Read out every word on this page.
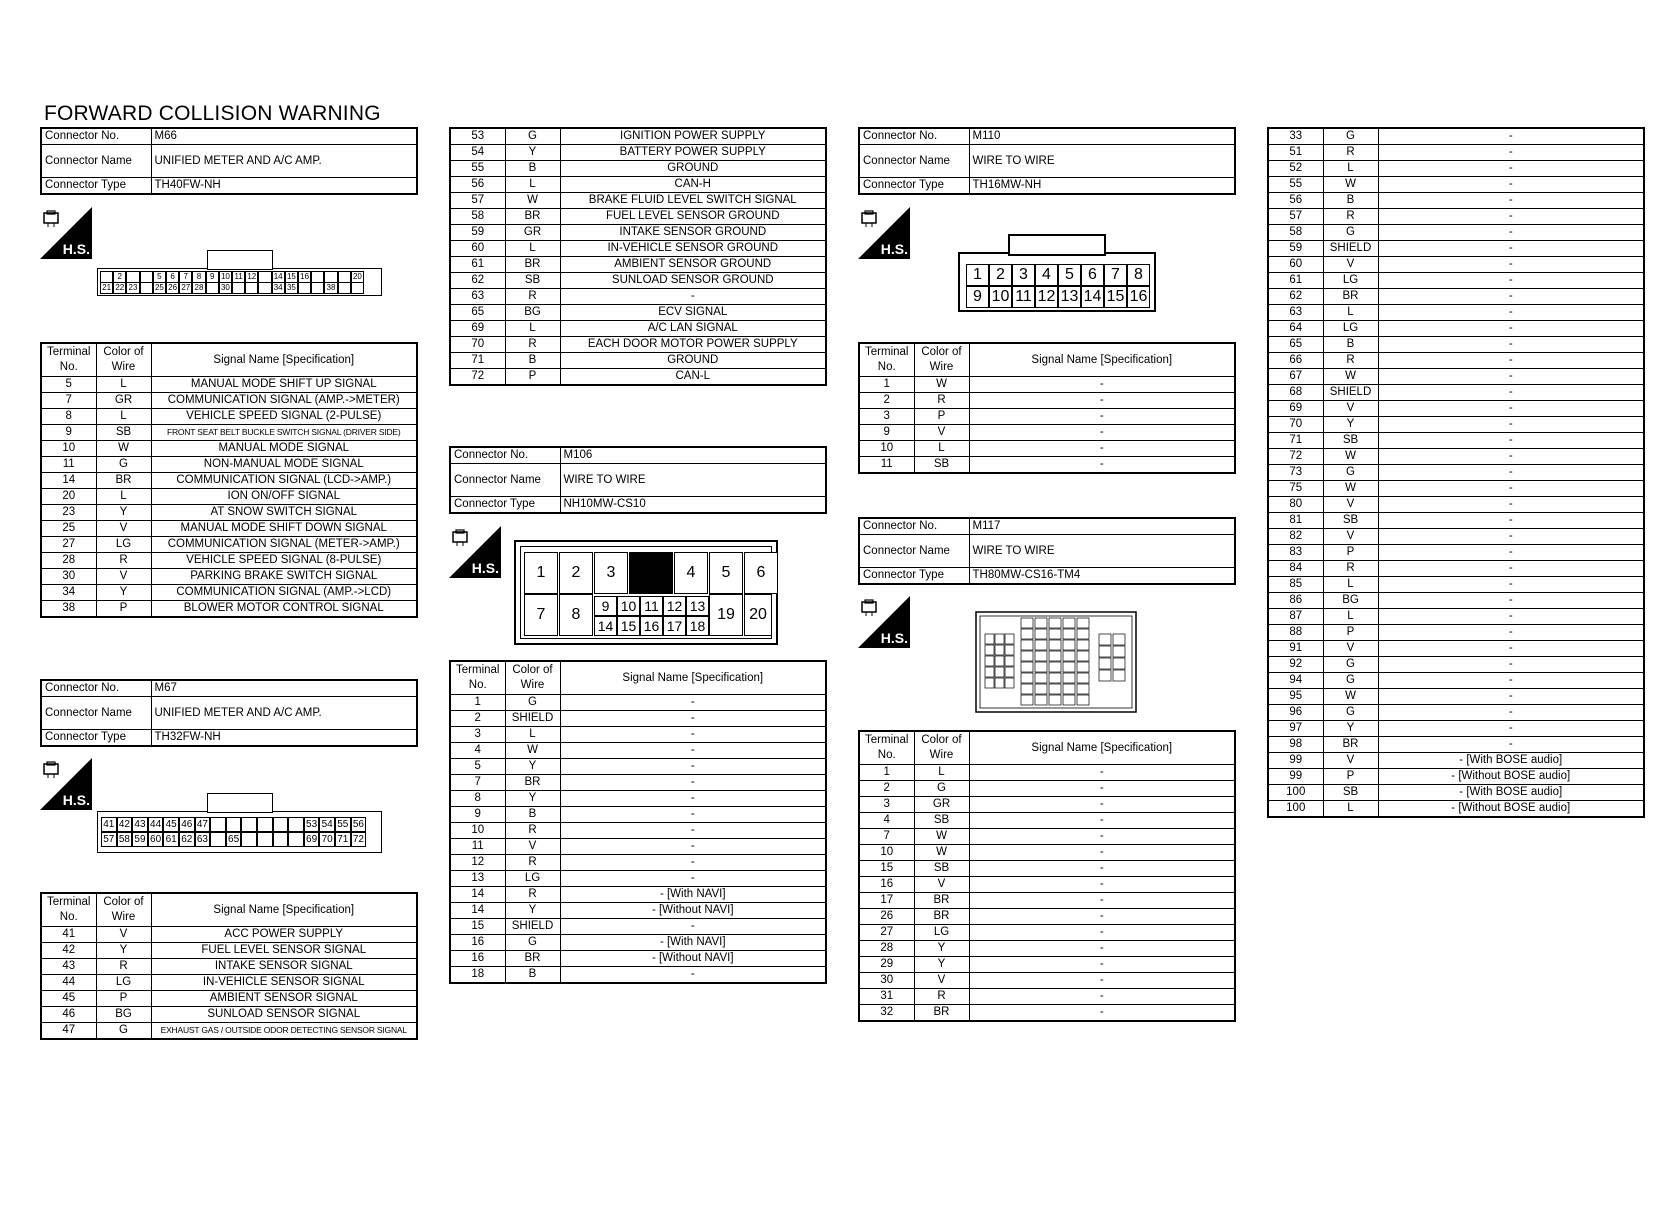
FORWARD COLLISION WARNING
Connector No.	M66
Connector Name	UNIFIED METER AND A/C AMP.
Connector Type	TH40FW-NH
H.S.
2	5	6	7	8	9 10 11 12 14 15 16	20
21 22 23 25 26 27 28 30	34 35	38
Terminal No.	Color of Wire	Signal Name [Specification]
5	L	MANUAL MODE SHIFT UP SIGNAL
7	GR	COMMUNICATION SIGNAL (AMP.->METER)
8	L	VEHICLE SPEED SIGNAL (2-PULSE)
9	SB	FRONT SEAT BELT BUCKLE SWITCH SIGNAL (DRIVER SIDE)
10	W	MANUAL MODE SIGNAL
11	G	NON-MANUAL MODE SIGNAL
14	BR	COMMUNICATION SIGNAL (LCD->AMP.)
20	L	ION ON/OFF SIGNAL
23	Y	AT SNOW SWITCH SIGNAL
25	V	MANUAL MODE SHIFT DOWN SIGNAL
27	LG	COMMUNICATION SIGNAL (METER->AMP.)
28	R	VEHICLE SPEED SIGNAL (8-PULSE)
30	V	PARKING BRAKE SWITCH SIGNAL
34	Y	COMMUNICATION SIGNAL (AMP.->LCD)
38	P	BLOWER MOTOR CONTROL SIGNAL
Connector No.	M67
Connector Name	UNIFIED METER AND A/C AMP.
Connector Type	TH32FW-NH
H.S.
41 42 43 44 45 46 47	53 54 55 56
57 58 59 60 61 62 63 65	69 70 71 72
Terminal No.	Color of Wire	Signal Name [Specification]
41	V	ACC POWER SUPPLY
42	Y	FUEL LEVEL SENSOR SIGNAL
43	R	INTAKE SENSOR SIGNAL
44	LG	IN-VEHICLE SENSOR SIGNAL
45	P	AMBIENT SENSOR SIGNAL
46	BG	SUNLOAD SENSOR SIGNAL
47	G	EXHAUST GAS / OUTSIDE ODOR DETECTING SENSOR SIGNAL
53	G	IGNITION POWER SUPPLY
54	Y	BATTERY POWER SUPPLY
55	B	GROUND
56	L	CAN-H
57	W	BRAKE FLUID LEVEL SWITCH SIGNAL
58	BR	FUEL LEVEL SENSOR GROUND
59	GR	INTAKE SENSOR GROUND
60	L	IN-VEHICLE SENSOR GROUND
61	BR	AMBIENT SENSOR GROUND
62	SB	SUNLOAD SENSOR GROUND
63	R	-
65	BG	ECV SIGNAL
69	L	A/C LAN SIGNAL
70	R	EACH DOOR MOTOR POWER SUPPLY
71	B	GROUND
72	P	CAN-L
Connector No.	M106
Connector Name	WIRE TO WIRE
Connector Type	NH10MW-CS10
H.S.	1	2	3	4	5	6
7	8	9
14
10
15
11
16
12
17
13
18
19 20
Terminal No.	Color of Wire	Signal Name [Specification]
1	G	-
2	SHIELD	-
3	L	-
4	W	-
5	Y	-
7	BR	-
8	Y	-
9	B	-
10	R	-
11	V	-
12	R	-
13	LG	-
14	R	- [With NAVI]
14	Y	- [Without NAVI]
15	SHIELD	-
16	G	- [With NAVI]
16	BR	- [Without NAVI]
18	B	-
Connector No.	M110
Connector Name	WIRE TO WIRE
Connector Type	TH16MW-NH
H.S.
1
9
2
10
3
11
4
12
5
13
6
14
7
15
8
16
Terminal No.	Color of Wire	Signal Name [Specification]
1	W	-
2	R	-
3	P	-
9	V	-
10	L	-
11	SB	-
Connector No.	M117
Connector Name	WIRE TO WIRE
Connector Type	TH80MW-CS16-TM4
H.S.
Terminal No.	Color of Wire	Signal Name [Specification]
1	L	-
2	G	-
3	GR	-
4	SB	-
7	W	-
10	W	-
15	SB	-
16	V	-
17	BR	-
26	BR	-
27	LG	-
28	Y	-
29	Y	-
30	V	-
31	R	-
32	BR	-
33	G	-
51	R	-
52	L	-
55	W	-
56	B	-
57	R	-
58	G	-
59	SHIELD	-
60	V	-
61	LG	-
62	BR	-
63	L	-
64	LG	-
65	B	-
66	R	-
67	W	-
68	SHIELD	-
69	V	-
70	Y	-
71	SB	-
72	W	-
73	G	-
75	W	-
80	V	-
81	SB	-
82	V	-
83	P	-
84	R	-
85	L	-
86	BG	-
87	L	-
88	P	-
91	V	-
92	G	-
94	G	-
95	W	-
96	G	-
97	Y	-
98	BR	-
99	V	- [With BOSE audio]
99	P	- [Without BOSE audio]
100	SB	- [With BOSE audio]
100	L	- [Without BOSE audio]
